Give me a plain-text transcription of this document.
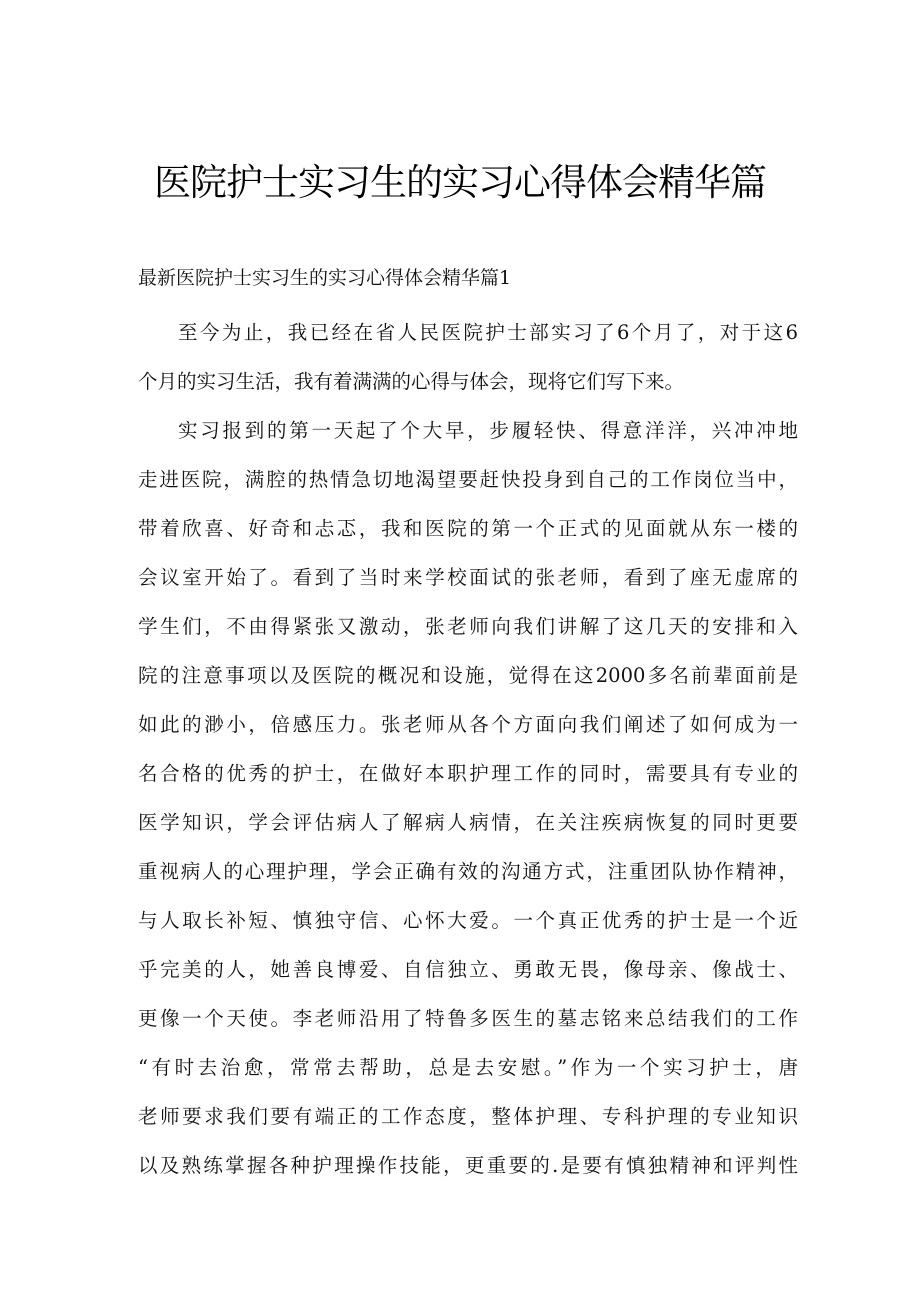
医院护士实习生的实习心得体会精华篇
最新医院护士实习生的实习心得体会精华篇1
至今为止，我已经在省人民医院护士部实习了6个月了，对于这6
个月的实习生活，我有着满满的心得与体会，现将它们写下来。
实习报到的第一天起了个大早，步履轻快、得意洋洋，兴冲冲地
走进医院，满腔的热情急切地渴望要赶快投身到自己的工作岗位当中，
带着欣喜、好奇和忐忑，我和医院的第一个正式的见面就从东一楼的
会议室开始了。看到了当时来学校面试的张老师，看到了座无虚席的
学生们，不由得紧张又激动，张老师向我们讲解了这几天的安排和入
院的注意事项以及医院的概况和设施，觉得在这2000多名前辈面前是
如此的渺小，倍感压力。张老师从各个方面向我们阐述了如何成为一
名合格的优秀的护士，在做好本职护理工作的同时，需要具有专业的
医学知识，学会评估病人了解病人病情，在关注疾病恢复的同时更要
重视病人的心理护理，学会正确有效的沟通方式，注重团队协作精神，
与人取长补短、慎独守信、心怀大爱。一个真正优秀的护士是一个近
乎完美的人，她善良博爱、自信独立、勇敢无畏，像母亲、像战士、
更像一个天使。李老师沿用了特鲁多医生的墓志铭来总结我们的工作
“有时去治愈，常常去帮助，总是去安慰。”作为一个实习护士，唐
老师要求我们要有端正的工作态度，整体护理、专科护理的专业知识
以及熟练掌握各种护理操作技能，更重要的.是要有慎独精神和评判性
